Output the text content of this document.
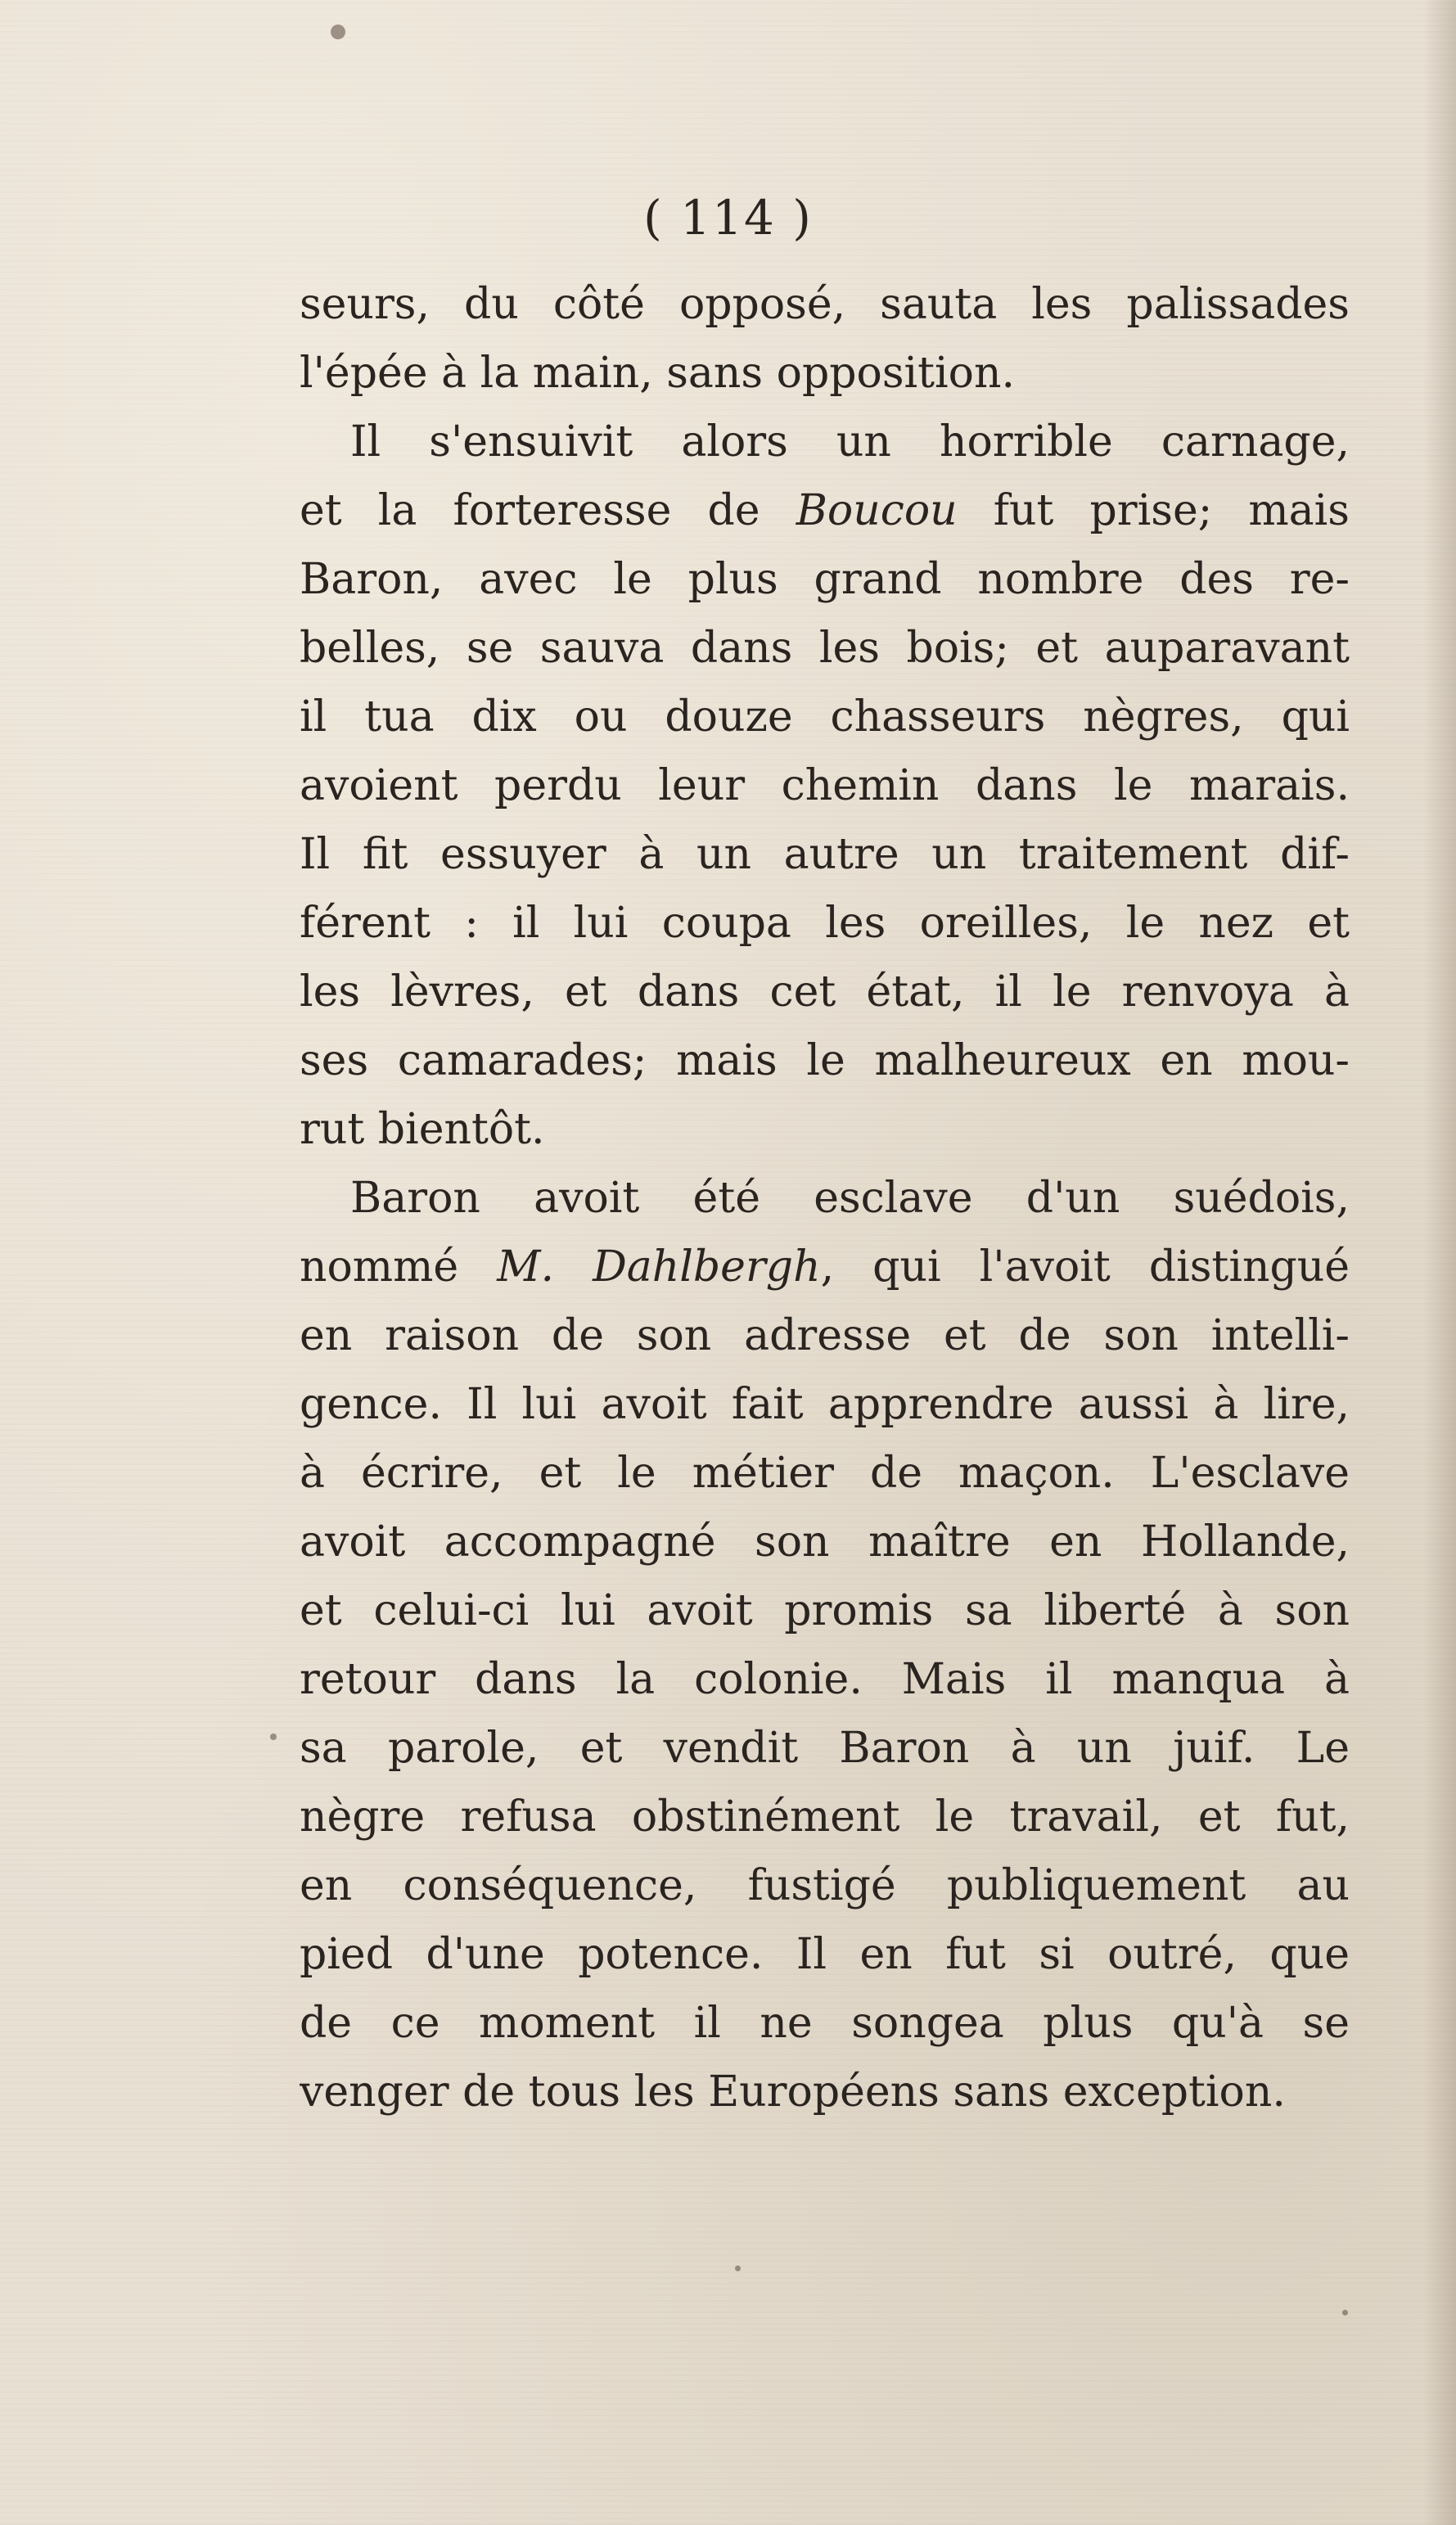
( 114 )
seurs, du côté opposé, sauta les palissades
l'épée à la main, sans opposition.
Il s'ensuivit alors un horrible carnage,
et la forteresse de Boucou fut prise; mais
Baron, avec le plus grand nombre des re-
belles, se sauva dans les bois; et auparavant
il tua dix ou douze chasseurs nègres, qui
avoient perdu leur chemin dans le marais.
Il fit essuyer à un autre un traitement dif-
férent : il lui coupa les oreilles, le nez et
les lèvres, et dans cet état, il le renvoya à
ses camarades; mais le malheureux en mou-
rut bientôt.
Baron avoit été esclave d'un suédois,
nommé M. Dahlbergh, qui l'avoit distingué
en raison de son adresse et de son intelli-
gence. Il lui avoit fait apprendre aussi à lire,
à écrire, et le métier de maçon. L'esclave
avoit accompagné son maître en Hollande,
et celui-ci lui avoit promis sa liberté à son
retour dans la colonie. Mais il manqua à
sa parole, et vendit Baron à un juif. Le
nègre refusa obstinément le travail, et fut,
en conséquence, fustigé publiquement au
pied d'une potence. Il en fut si outré, que
de ce moment il ne songea plus qu'à se
venger de tous les Européens sans exception.
